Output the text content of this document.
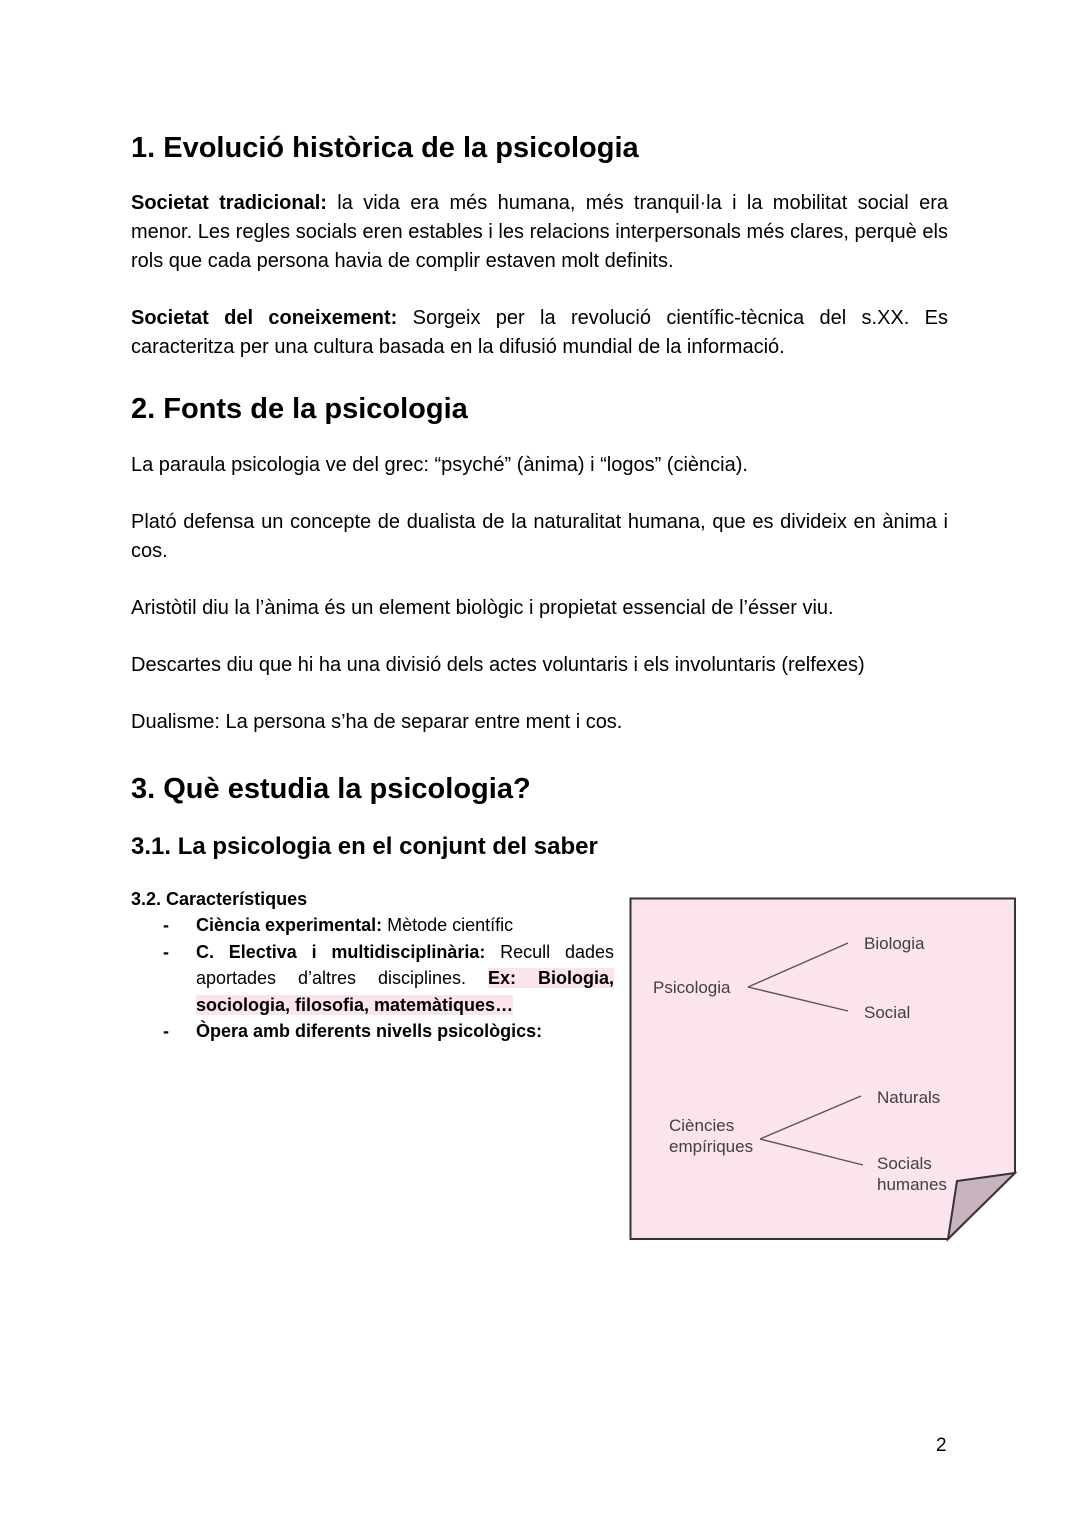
1. Evolució històrica de la psicologia

Societat tradicional: la vida era més humana, més tranquil·la i la mobilitat social era menor. Les regles socials eren estables i les relacions interpersonals més clares, perquè els rols que cada persona havia de complir estaven molt definits.

Societat del coneixement: Sorgeix per la revolució científic-tècnica del s.XX. Es caracteritza per una cultura basada en la difusió mundial de la informació.

2. Fonts de la psicologia

La paraula psicologia ve del grec: “psyché” (ànima) i “logos” (ciència).

Plató defensa un concepte de dualista de la naturalitat humana, que es divideix en ànima i cos.

Aristòtil diu la l’ànima és un element biològic i propietat essencial de l’ésser viu.

Descartes diu que hi ha una divisió dels actes voluntaris i els involuntaris (relfexes)

Dualisme: La persona s’ha de separar entre ment i cos.

3. Què estudia la psicologia?
3.1. La psicologia en el conjunt del saber
3.2. Característiques
- Ciència experimental: Mètode científic
- C. Electiva i multidisciplinària: Recull dades aportades d’altres disciplines. Ex: Biologia, sociologia, filosofia, matemàtiques…
- Òpera amb diferents nivells psicològics:
Psicologia
Biologia
Social
Ciències
empíriques
Naturals
Socials
humanes
2
